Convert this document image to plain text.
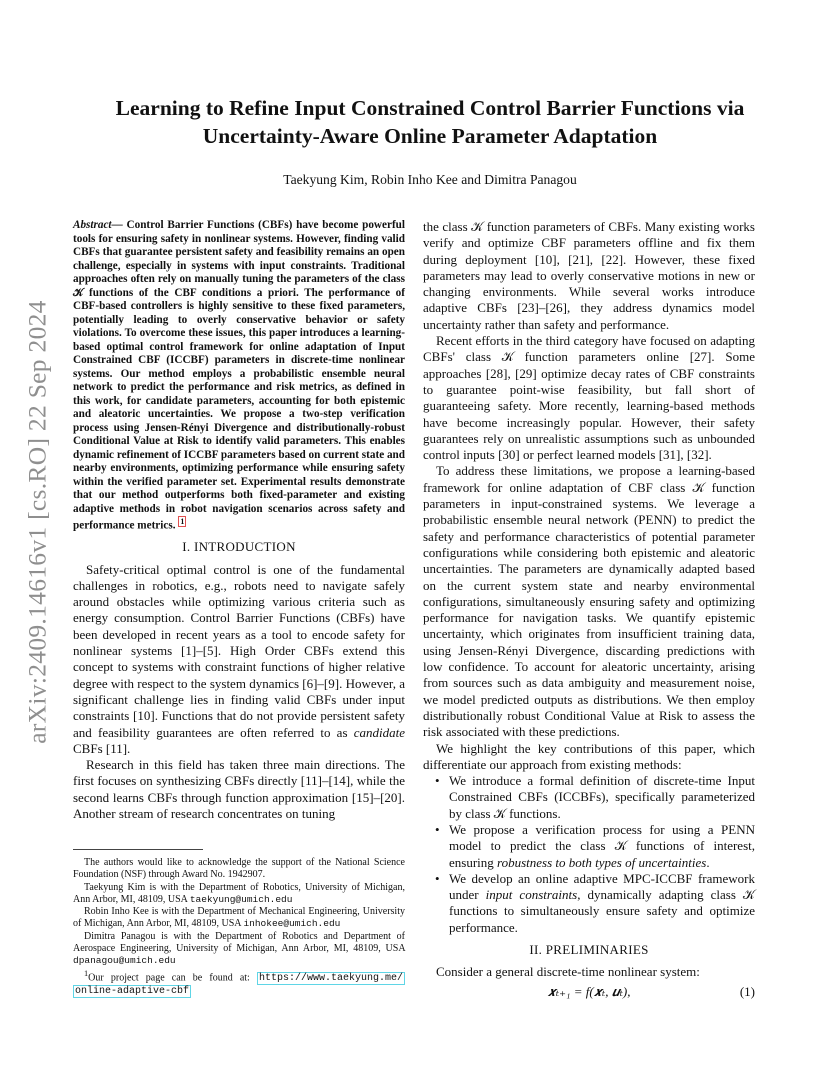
arXiv:2409.14616v1 [cs.RO] 22 Sep 2024
Learning to Refine Input Constrained Control Barrier Functions via
Uncertainty-Aware Online Parameter Adaptation
Taekyung Kim, Robin Inho Kee and Dimitra Panagou

Abstract— Control Barrier Functions (CBFs) have become powerful tools for ensuring safety in nonlinear systems. However, finding valid CBFs that guarantee persistent safety and feasibility remains an open challenge, especially in systems with input constraints. Traditional approaches often rely on manually tuning the parameters of the class 𝒦 functions of the CBF conditions a priori. The performance of CBF-based controllers is highly sensitive to these fixed parameters, potentially leading to overly conservative behavior or safety violations. To overcome these issues, this paper introduces a learning-based optimal control framework for online adaptation of Input Constrained CBF (ICCBF) parameters in discrete-time nonlinear systems. Our method employs a probabilistic ensemble neural network to predict the performance and risk metrics, as defined in this work, for candidate parameters, accounting for both epistemic and aleatoric uncertainties. We propose a two-step verification process using Jensen-Rényi Divergence and distributionally-robust Conditional Value at Risk to identify valid parameters. This enables dynamic refinement of ICCBF parameters based on current state and nearby environments, optimizing performance while ensuring safety within the verified parameter set. Experimental results demonstrate that our method outperforms both fixed-parameter and existing adaptive methods in robot navigation scenarios across safety and performance metrics. 1

I. INTRODUCTION

Safety-critical optimal control is one of the fundamental challenges in robotics, e.g., robots need to navigate safely around obstacles while optimizing various criteria such as energy consumption. Control Barrier Functions (CBFs) have been developed in recent years as a tool to encode safety for nonlinear systems [1]–[5]. High Order CBFs extend this concept to systems with constraint functions of higher relative degree with respect to the system dynamics [6]–[9]. However, a significant challenge lies in finding valid CBFs under input constraints [10]. Functions that do not provide persistent safety and feasibility guarantees are often referred to as candidate CBFs [11].

Research in this field has taken three main directions. The first focuses on synthesizing CBFs directly [11]–[14], while the second learns CBFs through function approximation [15]–[20]. Another stream of research concentrates on tuning

The authors would like to acknowledge the support of the National Science Foundation (NSF) through Award No. 1942907.

Taekyung Kim is with the Department of Robotics, University of Michigan, Ann Arbor, MI, 48109, USA taekyung@umich.edu

Robin Inho Kee is with the Department of Mechanical Engineering, University of Michigan, Ann Arbor, MI, 48109, USA inhokee@umich.edu

Dimitra Panagou is with the Department of Robotics and Department of Aerospace Engineering, University of Michigan, Ann Arbor, MI, 48109, USA dpanagou@umich.edu

$^1$Our project page can be found at: https://www.taekyung.me/ online-adaptive-cbf

the class 𝒦 function parameters of CBFs. Many existing works verify and optimize CBF parameters offline and fix them during deployment [10], [21], [22]. However, these fixed parameters may lead to overly conservative motions in new or changing environments. While several works introduce adaptive CBFs [23]–[26], they address dynamics model uncertainty rather than safety and performance.

Recent efforts in the third category have focused on adapting CBFs' class 𝒦 function parameters online [27]. Some approaches [28], [29] optimize decay rates of CBF constraints to guarantee point-wise feasibility, but fall short of guaranteeing safety. More recently, learning-based methods have become increasingly popular. However, their safety guarantees rely on unrealistic assumptions such as unbounded control inputs [30] or perfect learned models [31], [32].

To address these limitations, we propose a learning-based framework for online adaptation of CBF class 𝒦 function parameters in input-constrained systems. We leverage a probabilistic ensemble neural network (PENN) to predict the safety and performance characteristics of potential parameter configurations while considering both epistemic and aleatoric uncertainties. The parameters are dynamically adapted based on the current system state and nearby environmental configurations, simultaneously ensuring safety and optimizing performance for navigation tasks. We quantify epistemic uncertainty, which originates from insufficient training data, using Jensen-Rényi Divergence, discarding predictions with low confidence. To account for aleatoric uncertainty, arising from sources such as data ambiguity and measurement noise, we model predicted outputs as distributions. We then employ distributionally robust Conditional Value at Risk to assess the risk associated with these predictions.

We highlight the key contributions of this paper, which differentiate our approach from existing methods:

• We introduce a formal definition of discrete-time Input Constrained CBFs (ICCBFs), specifically parameterized by class 𝒦 functions.
• We propose a verification process for using a PENN model to predict the class 𝒦 functions of interest, ensuring robustness to both types of uncertainties.
• We develop an online adaptive MPC-ICCBF framework under input constraints, dynamically adapting class 𝒦 functions to simultaneously ensure safety and optimize performance.
II. PRELIMINARIES

Consider a general discrete-time nonlinear system:

𝒙ₜ₊₁ = f(𝒙ₜ, 𝒖ₜ),	(1)
